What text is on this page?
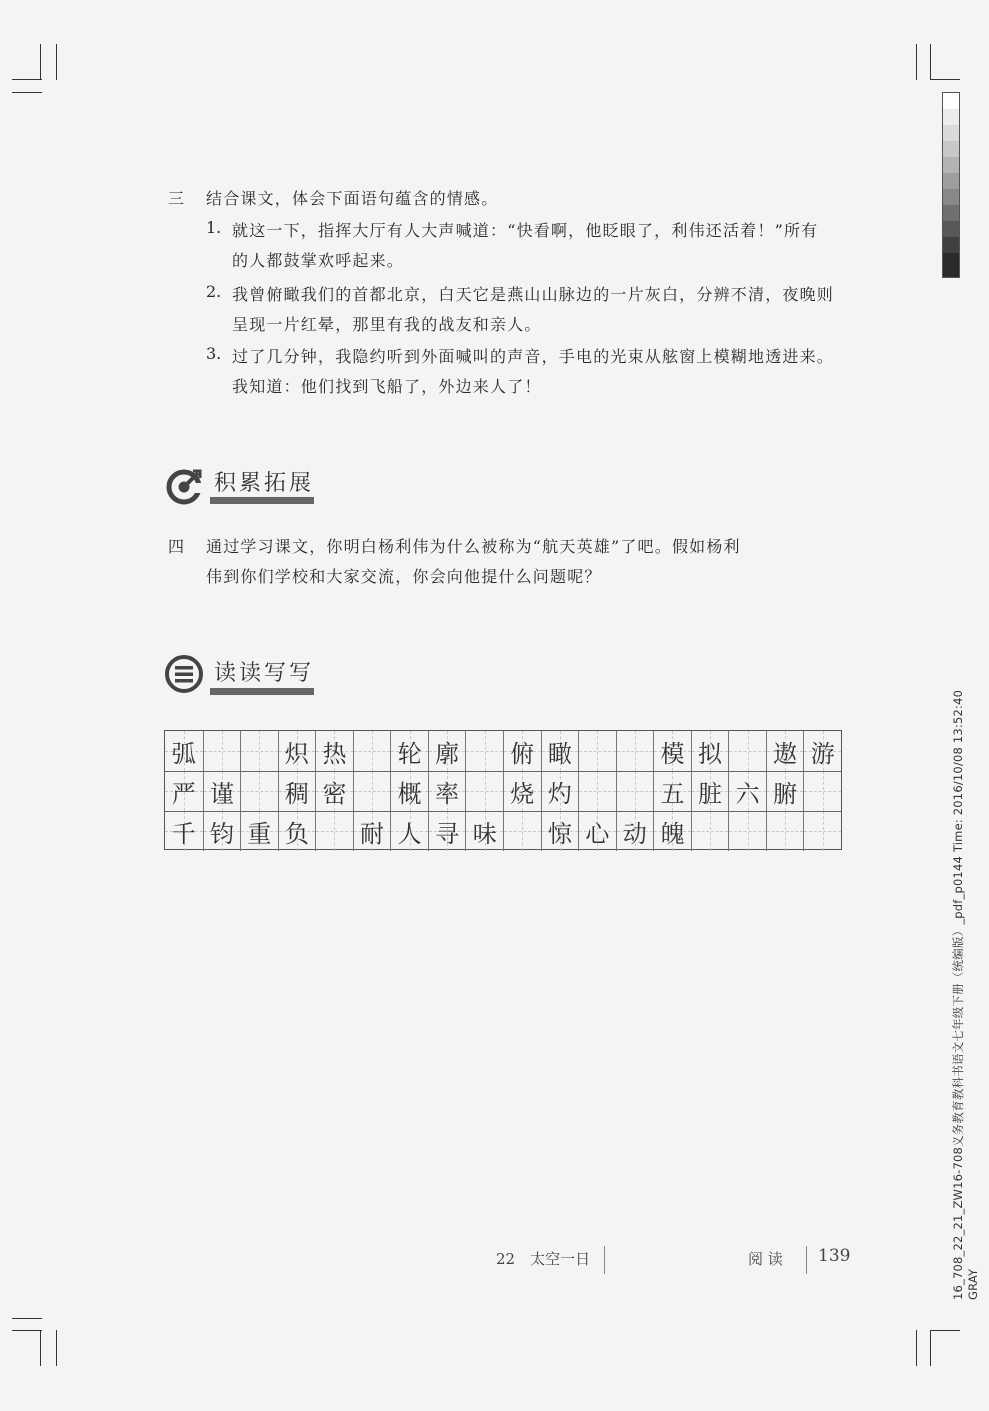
三 结合课文，体会下面语句蕴含的情感。
1. 就这一下，指挥大厅有人大声喊道：“快看啊，他眨眼了，利伟还活着！”所有
的人都鼓掌欢呼起来。
2. 我曾俯瞰我们的首都北京，白天它是燕山山脉边的一片灰白，分辨不清，夜晚则
呈现一片红晕，那里有我的战友和亲人。
3. 过了几分钟，我隐约听到外面喊叫的声音，手电的光束从舷窗上模糊地透进来。
我知道：他们找到飞船了，外边来人了！
积累拓展
四 通过学习课文，你明白杨利伟为什么被称为“航天英雄”了吧。假如杨利
伟到你们学校和大家交流，你会向他提什么问题呢？
读读写写
弧	炽 热 轮 廓 俯 瞰	模 拟 遨 游
严 谨 稠 密 概 率 烧 灼	五 脏 六 腑
千 钧 重 负 耐 人 寻 味 惊 心 动 魄
22　太空一日	阅 读 139	16_708_22_21_ZW16-708义务教育教科书语文七年级下册（统编版）_pdf_p0144 Time: 2016/10/08 13:52:40 GRAY
